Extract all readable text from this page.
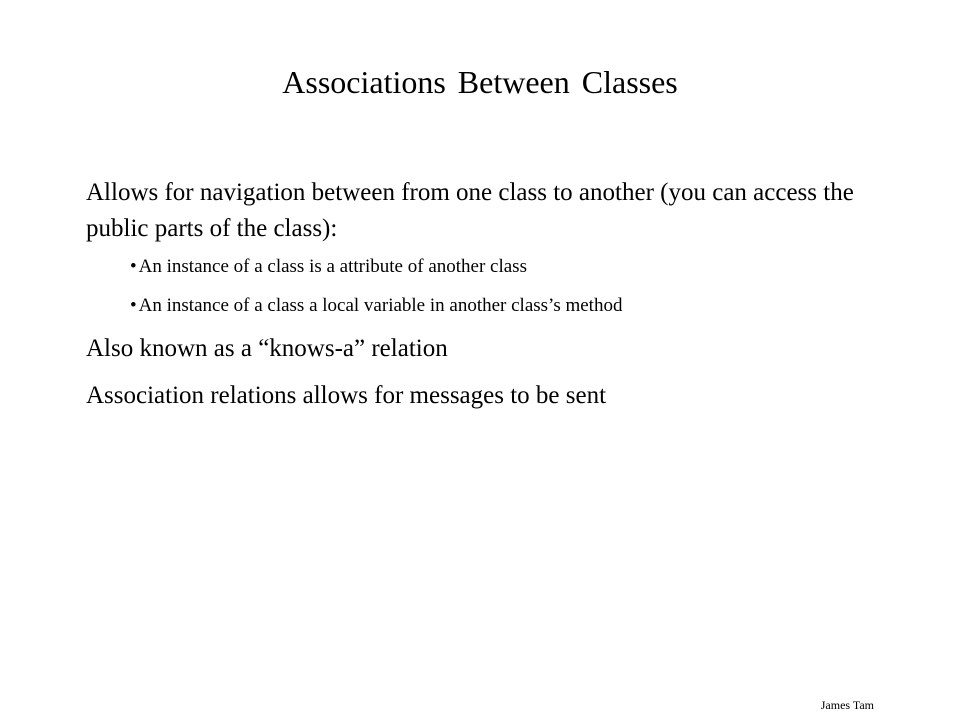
Associations Between Classes
Allows for navigation between from one class to another (you can access the public parts of the class):
• An instance of a class is a attribute of another class
• An instance of a class a local variable in another class’s method
Also known as a “knows-a” relation
Association relations allows for messages to be sent
James Tam
